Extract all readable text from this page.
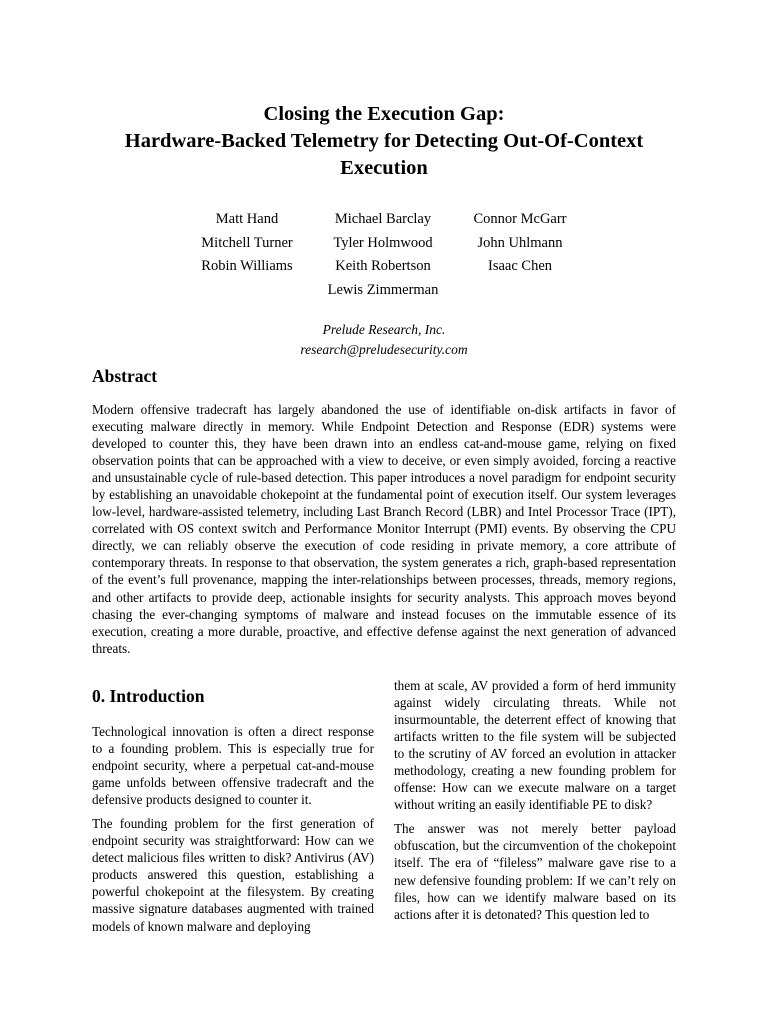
Closing the Execution Gap:
Hardware-Backed Telemetry for Detecting Out-Of-Context
Execution
Matt Hand	Michael Barclay	Connor McGarr
Mitchell Turner	Tyler Holmwood	John Uhlmann
Robin Williams	Keith Robertson	Isaac Chen
Lewis Zimmerman
Prelude Research, Inc.
research@preludesecurity.com
Abstract

Modern offensive tradecraft has largely abandoned the use of identifiable on-disk artifacts in favor of executing malware directly in memory. While Endpoint Detection and Response (EDR) systems were developed to counter this, they have been drawn into an endless cat-and-mouse game, relying on fixed observation points that can be approached with a view to deceive, or even simply avoided, forcing a reactive and unsustainable cycle of rule-based detection. This paper introduces a novel paradigm for endpoint security by establishing an unavoidable chokepoint at the fundamental point of execution itself. Our system leverages low-level, hardware-assisted telemetry, including Last Branch Record (LBR) and Intel Processor Trace (IPT), correlated with OS context switch and Performance Monitor Interrupt (PMI) events. By observing the CPU directly, we can reliably observe the execution of code residing in private memory, a core attribute of contemporary threats. In response to that observation, the system generates a rich, graph-based representation of the event’s full provenance, mapping the inter-relationships between processes, threads, memory regions, and other artifacts to provide deep, actionable insights for security analysts. This approach moves beyond chasing the ever-changing symptoms of malware and instead focuses on the immutable essence of its execution, creating a more durable, proactive, and effective defense against the next generation of advanced threats.

0. Introduction

Technological innovation is often a direct response to a founding problem. This is especially true for endpoint security, where a perpetual cat-and-mouse game unfolds between offensive tradecraft and the defensive products designed to counter it.

The founding problem for the first generation of endpoint security was straightforward: How can we detect malicious files written to disk? Antivirus (AV) products answered this question, establishing a powerful chokepoint at the filesystem. By creating massive signature databases augmented with trained models of known malware and deploying

them at scale, AV provided a form of herd immunity against widely circulating threats. While not insurmountable, the deterrent effect of knowing that artifacts written to the file system will be subjected to the scrutiny of AV forced an evolution in attacker methodology, creating a new founding problem for offense: How can we execute malware on a target without writing an easily identifiable PE to disk?

The answer was not merely better payload obfuscation, but the circumvention of the chokepoint itself. The era of “fileless” malware gave rise to a new defensive founding problem: If we can’t rely on files, how can we identify malware based on its actions after it is detonated? This question led to
